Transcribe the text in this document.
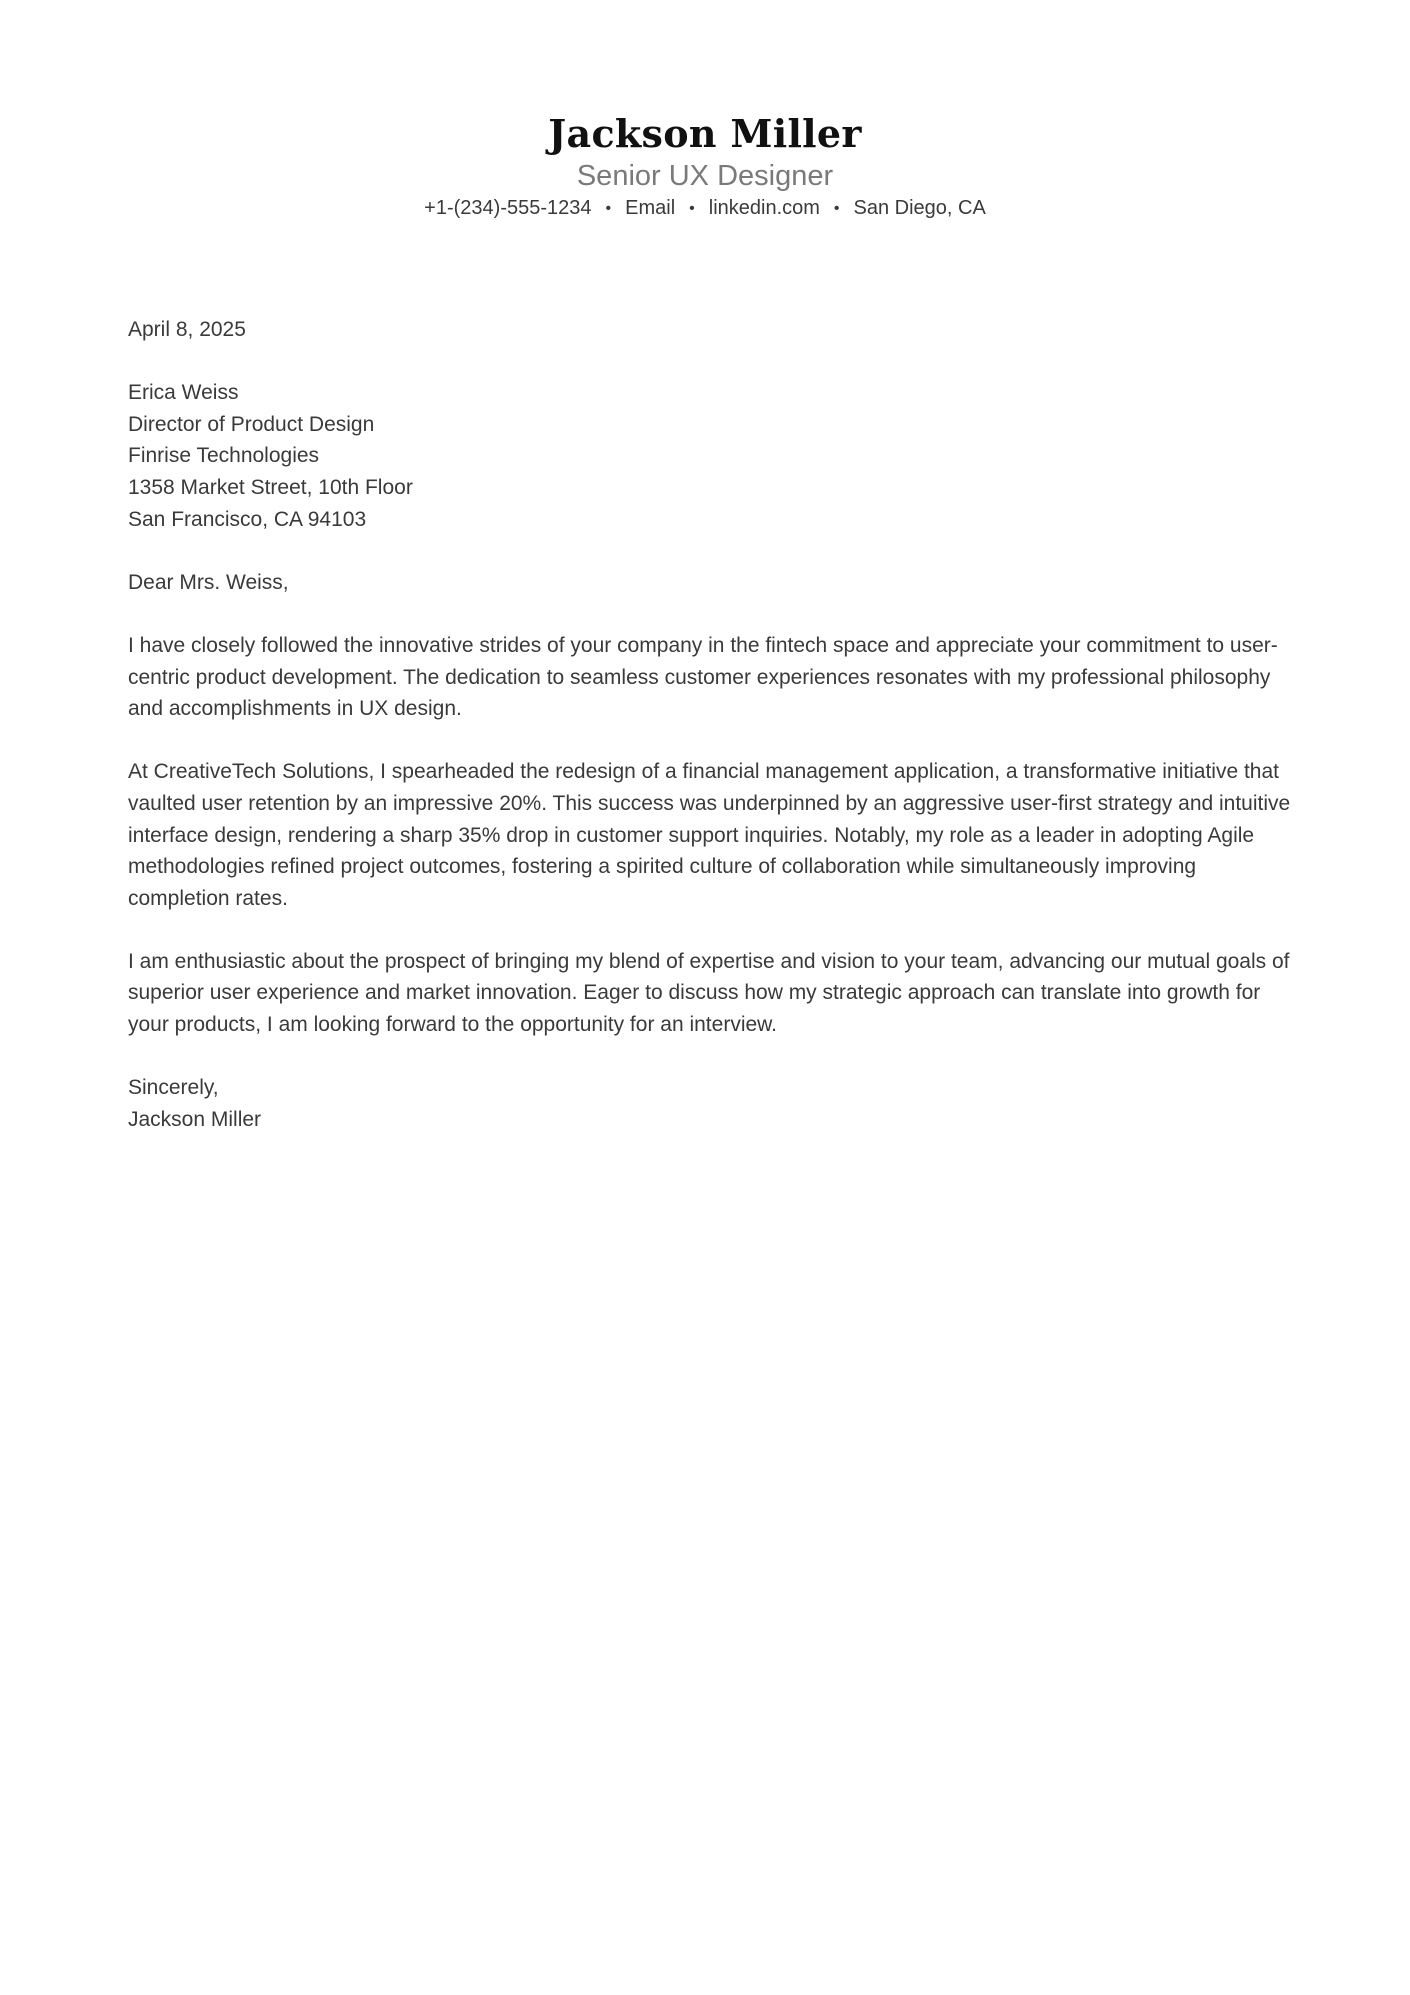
Jackson Miller
Senior UX Designer
+1-(234)-555-1234 • Email • linkedin.com • San Diego, CA
April 8, 2025
Erica Weiss
Director of Product Design
Finrise Technologies
1358 Market Street, 10th Floor
San Francisco, CA 94103
Dear Mrs. Weiss,

I have closely followed the innovative strides of your company in the fintech space and appreciate your commitment to user-centric product development. The dedication to seamless customer experiences resonates with my professional philosophy and accomplishments in UX design.

At CreativeTech Solutions, I spearheaded the redesign of a financial management application, a transformative initiative that vaulted user retention by an impressive 20%. This success was underpinned by an aggressive user-first strategy and intuitive interface design, rendering a sharp 35% drop in customer support inquiries. Notably, my role as a leader in adopting Agile methodologies refined project outcomes, fostering a spirited culture of collaboration while simultaneously improving completion rates.

I am enthusiastic about the prospect of bringing my blend of expertise and vision to your team, advancing our mutual goals of superior user experience and market innovation. Eager to discuss how my strategic approach can translate into growth for your products, I am looking forward to the opportunity for an interview.

Sincerely,
Jackson Miller
